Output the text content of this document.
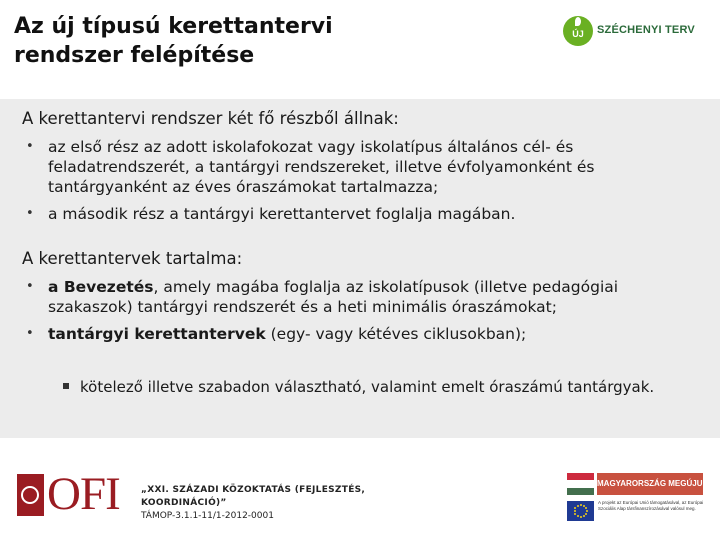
Az új típusú kerettantervi
rendszer felépítése
ÚJ	SZÉCHENYI TERV

A kerettantervi rendszer két fő részből állnak:

• az első rész az adott iskolafokozat vagy iskolatípus általános cél- és feladatrendszerét, a tantárgyi rendszereket, illetve évfolyamonként és tantárgyanként az éves óraszámokat tartalmazza;
• a második rész a tantárgyi kerettantervet foglalja magában.

A kerettantervek tartalma:

• a Bevezetés, amely magába foglalja az iskolatípusok (illetve pedagógiai szakaszok) tantárgyi rendszerét és a heti minimális óraszámokat;
• tantárgyi kerettantervek (egy- vagy kétéves ciklusokban);
kötelező illetve szabadon választható, valamint emelt óraszámú tantárgyak.
OFI „XXI. SZÁZADI KÖZOKTATÁS (FEJLESZTÉS, KOORDINÁCIÓ)”
TÁMOP-3.1.1-11/1-2012-0001
MAGYARORSZÁG MEGÚJUL
A projekt az Európai Unió támogatásával, az Európai Szociális Alap társfinanszírozásával valósul meg.
